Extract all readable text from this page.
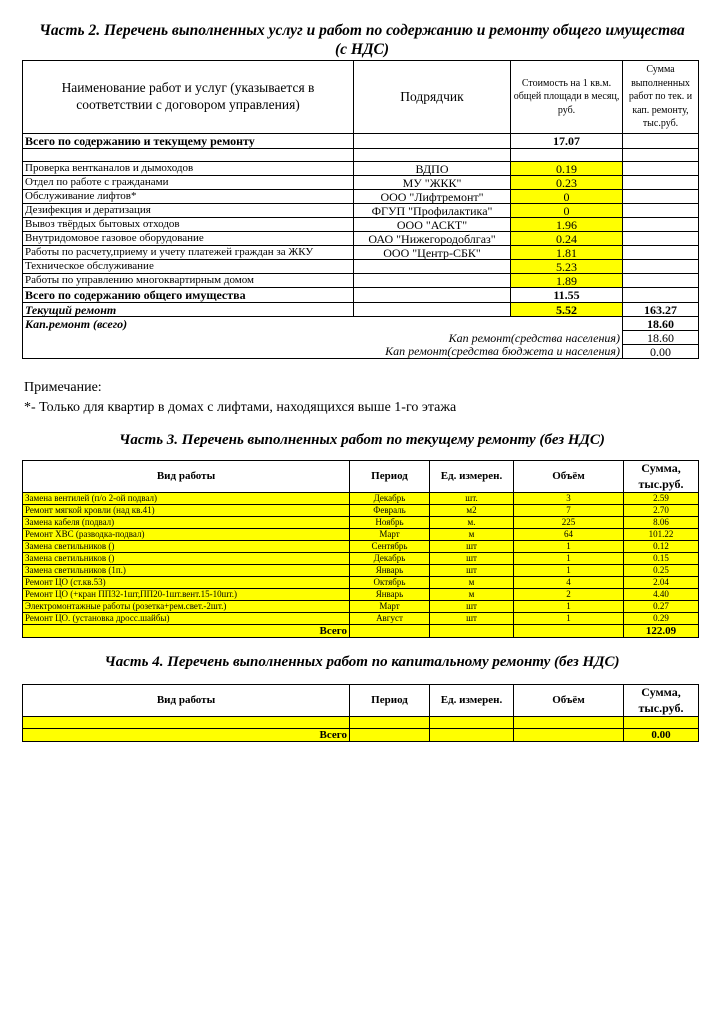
Часть 2. Перечень выполненных услуг и работ по содержанию и ремонту общего имущества
(с НДС)
Наименование работ и услуг (указывается в соответствии с договором управления)	Подрядчик	Стоимость на 1 кв.м. общей площади в месяц, руб.	Сумма выполненных работ по тек. и кап. ремонту, тыс.руб.
Всего по содержанию и текущему ремонту		17.07	

Проверка вентканалов и дымоходов	ВДПО	0.19	
Отдел по работе с гражданами	МУ "ЖКК"	0.23	
Обслуживание лифтов*	ООО "Лифтремонт"	0	
Дезифекция и дератизация	ФГУП "Профилактика"	0	
Вывоз твёрдых бытовых отходов	ООО "АСКТ"	1.96	
Внутридомовое газовое оборудование	ОАО "Нижегородоблгаз"	0.24	
Работы по расчету,приему и учету платежей граждан за ЖКУ	ООО "Центр-СБК"	1.81	
Техническое обслуживание		5.23	
Работы по управлению многоквартирным домом		1.89	
Всего по содержанию общего имущества		11.55	
Текущий ремонт		5.52	163.27
Кап.ремонт (всего)			18.60
Кап ремонт(средства населения)			18.60
Кап ремонт(средства бюджета и населения)			0.00
Примечание:
*- Только для квартир в домах с лифтами, находящихся выше 1-го этажа
Часть 3. Перечень выполненных работ по текущему ремонту (без НДС)
Вид работы	Период	Ед. измерен.	Объём	Сумма, тыс.руб.
Замена вентилей (п/о 2-ой подвал)	Декабрь	шт.	3	2.59
Ремонт мягкой кровли (над кв.41)	Февраль	м2	7	2.70
Замена кабеля (подвал)	Ноябрь	м.	225	8.06
Ремонт ХВС (разводка-подвал)	Март	м	64	101.22
Замена светильников ()	Сентябрь	шт	1	0.12
Замена светильников ()	Декабрь	шт	1	0.15
Замена светильников (1п.)	Январь	шт	1	0.25
Ремонт ЦО (ст.кв.53)	Октябрь	м	4	2.04
Ремонт ЦО (+кран ПП32-1шт,ПП20-1шт.вент.15-10шт.)	Январь	м	2	4.40
Электромонтажные работы (розетка+рем.свет.-2шт.)	Март	шт	1	0.27
Ремонт ЦО. (установка дросс.шайбы)	Август	шт	1	0.29
Всего				122.09
Часть 4. Перечень выполненных работ по капитальному ремонту (без НДС)
Вид работы	Период	Ед. измерен.	Объём	Сумма, тыс.руб.

Всего				0.00
